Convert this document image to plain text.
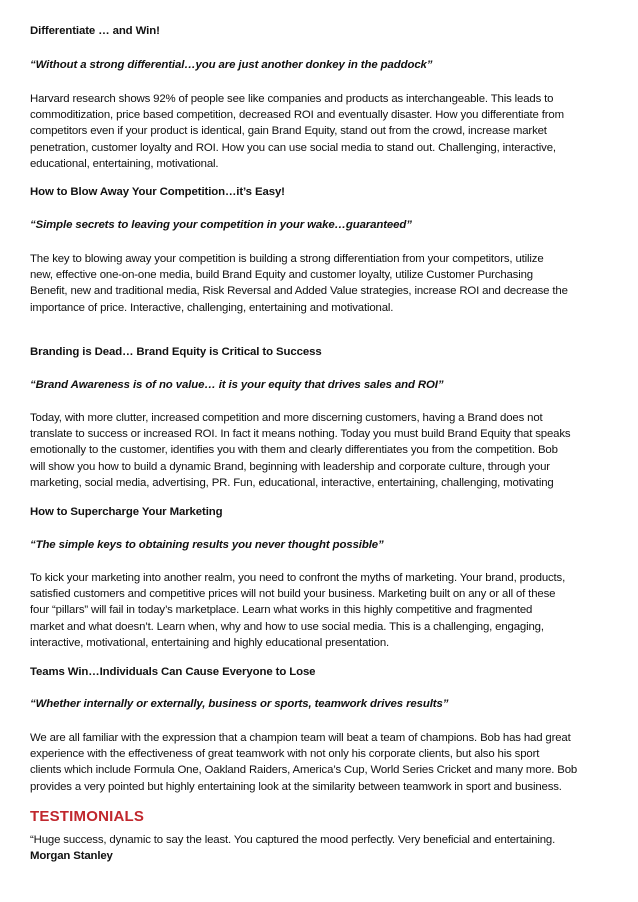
Differentiate … and Win!
“Without a strong differential…you are just another donkey in the paddock”
Harvard research shows 92% of people see like companies and products as interchangeable. This leads to
commoditization, price based competition, decreased ROI and eventually disaster. How you differentiate from
competitors even if your product is identical, gain Brand Equity, stand out from the crowd, increase market
penetration, customer loyalty and ROI. How you can use social media to stand out. Challenging, interactive,
educational, entertaining, motivational.
How to Blow Away Your Competition…it’s Easy!
“Simple secrets to leaving your competition in your wake…guaranteed”
The key to blowing away your competition is building a strong differentiation from your competitors, utilize
new, effective one-on-one media, build Brand Equity and customer loyalty, utilize Customer Purchasing
Benefit, new and traditional media, Risk Reversal and Added Value strategies, increase ROI and decrease the
importance of price. Interactive, challenging, entertaining and motivational.
Branding is Dead… Brand Equity is Critical to Success
“Brand Awareness is of no value… it is your equity that drives sales and ROI”
Today, with more clutter, increased competition and more discerning customers, having a Brand does not
translate to success or increased ROI. In fact it means nothing. Today you must build Brand Equity that speaks
emotionally to the customer, identifies you with them and clearly differentiates you from the competition. Bob
will show you how to build a dynamic Brand, beginning with leadership and corporate culture, through your
marketing, social media, advertising, PR. Fun, educational, interactive, entertaining, challenging, motivating
How to Supercharge Your Marketing
“The simple keys to obtaining results you never thought possible”
To kick your marketing into another realm, you need to confront the myths of marketing. Your brand, products,
satisfied customers and competitive prices will not build your business. Marketing built on any or all of these
four “pillars” will fail in today’s marketplace. Learn what works in this highly competitive and fragmented
market and what doesn’t. Learn when, why and how to use social media. This is a challenging, engaging,
interactive, motivational, entertaining and highly educational presentation.
Teams Win…Individuals Can Cause Everyone to Lose
“Whether internally or externally, business or sports, teamwork drives results”
We are all familiar with the expression that a champion team will beat a team of champions. Bob has had great
experience with the effectiveness of great teamwork with not only his corporate clients, but also his sport
clients which include Formula One, Oakland Raiders, America’s Cup, World Series Cricket and many more. Bob
provides a very pointed but highly entertaining look at the similarity between teamwork in sport and business.
TESTIMONIALS
“Huge success, dynamic to say the least. You captured the mood perfectly. Very beneficial and entertaining.
Morgan Stanley
